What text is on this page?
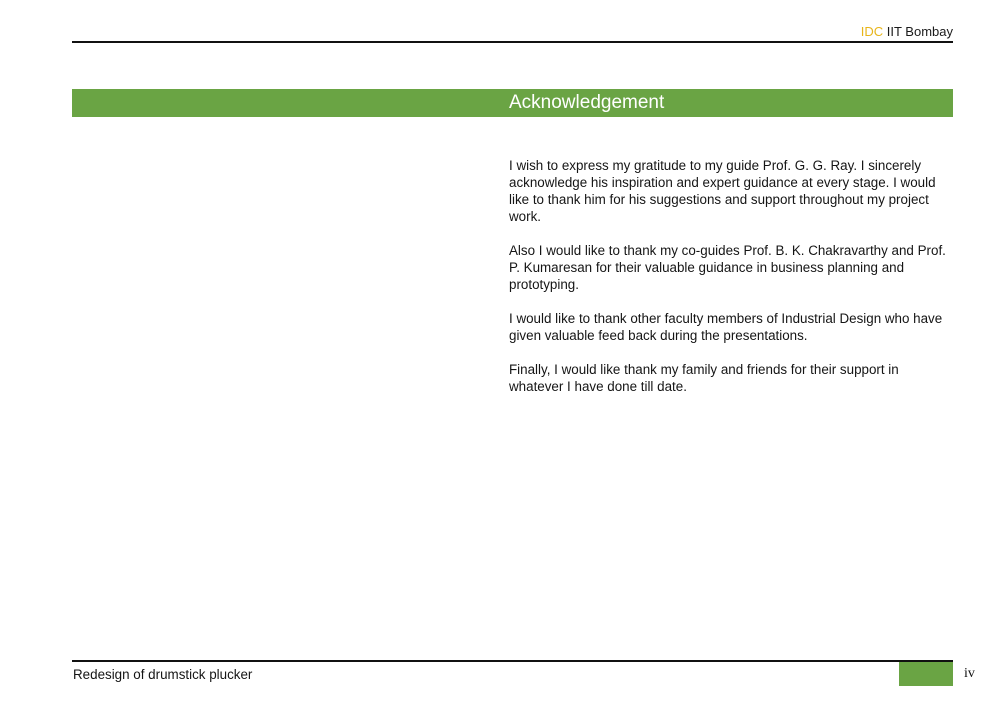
IDC IIT Bombay
Acknowledgement

I wish to express my gratitude to my guide Prof. G. G. Ray. I sincerely acknowledge his inspiration and expert guidance at every stage. I would like to thank him for his suggestions and support throughout my project work.

Also I would like to thank my co-guides Prof. B. K. Chakravarthy and Prof. P. Kumaresan for their valuable guidance in business planning and prototyping.

I would like to thank other faculty members of Industrial Design who have given valuable feed back during the presentations.

Finally, I would like thank my family and friends for their support in whatever I have done till date.

Redesign of drumstick plucker	iv
